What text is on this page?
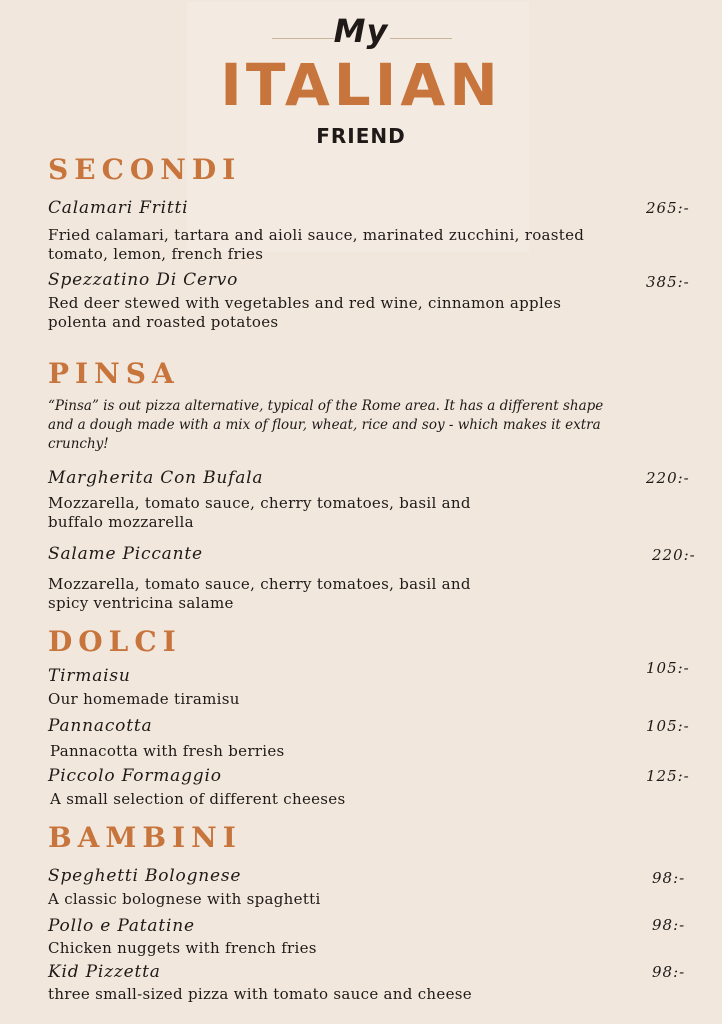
My
ITALIAN
FRIEND
SECONDI
Calamari Fritti	265:-
Fried calamari, tartara and aioli sauce, marinated zucchini, roasted tomato, lemon, french fries
Spezzatino Di Cervo	385:-
Red deer stewed with vegetables and red wine, cinnamon apples polenta and roasted potatoes
PINSA
“Pinsa” is out pizza alternative, typical of the Rome area. It has a different shape and a dough made with a mix of flour, wheat, rice and soy - which makes it extra crunchy!
Margherita Con Bufala	220:-
Mozzarella, tomato sauce, cherry tomatoes, basil and buffalo mozzarella
Salame Piccante	220:-
Mozzarella, tomato sauce, cherry tomatoes, basil and spicy ventricina salame
DOLCI
Tirmaisu	105:-
Our homemade tiramisu
Pannacotta	105:-
Pannacotta with fresh berries
Piccolo Formaggio	125:-
A small selection of different cheeses
BAMBINI
Speghetti Bolognese	98:-
A classic bolognese with spaghetti
Pollo e Patatine	98:-
Chicken nuggets with french fries
Kid Pizzetta	98:-
three small-sized pizza with tomato sauce and cheese
